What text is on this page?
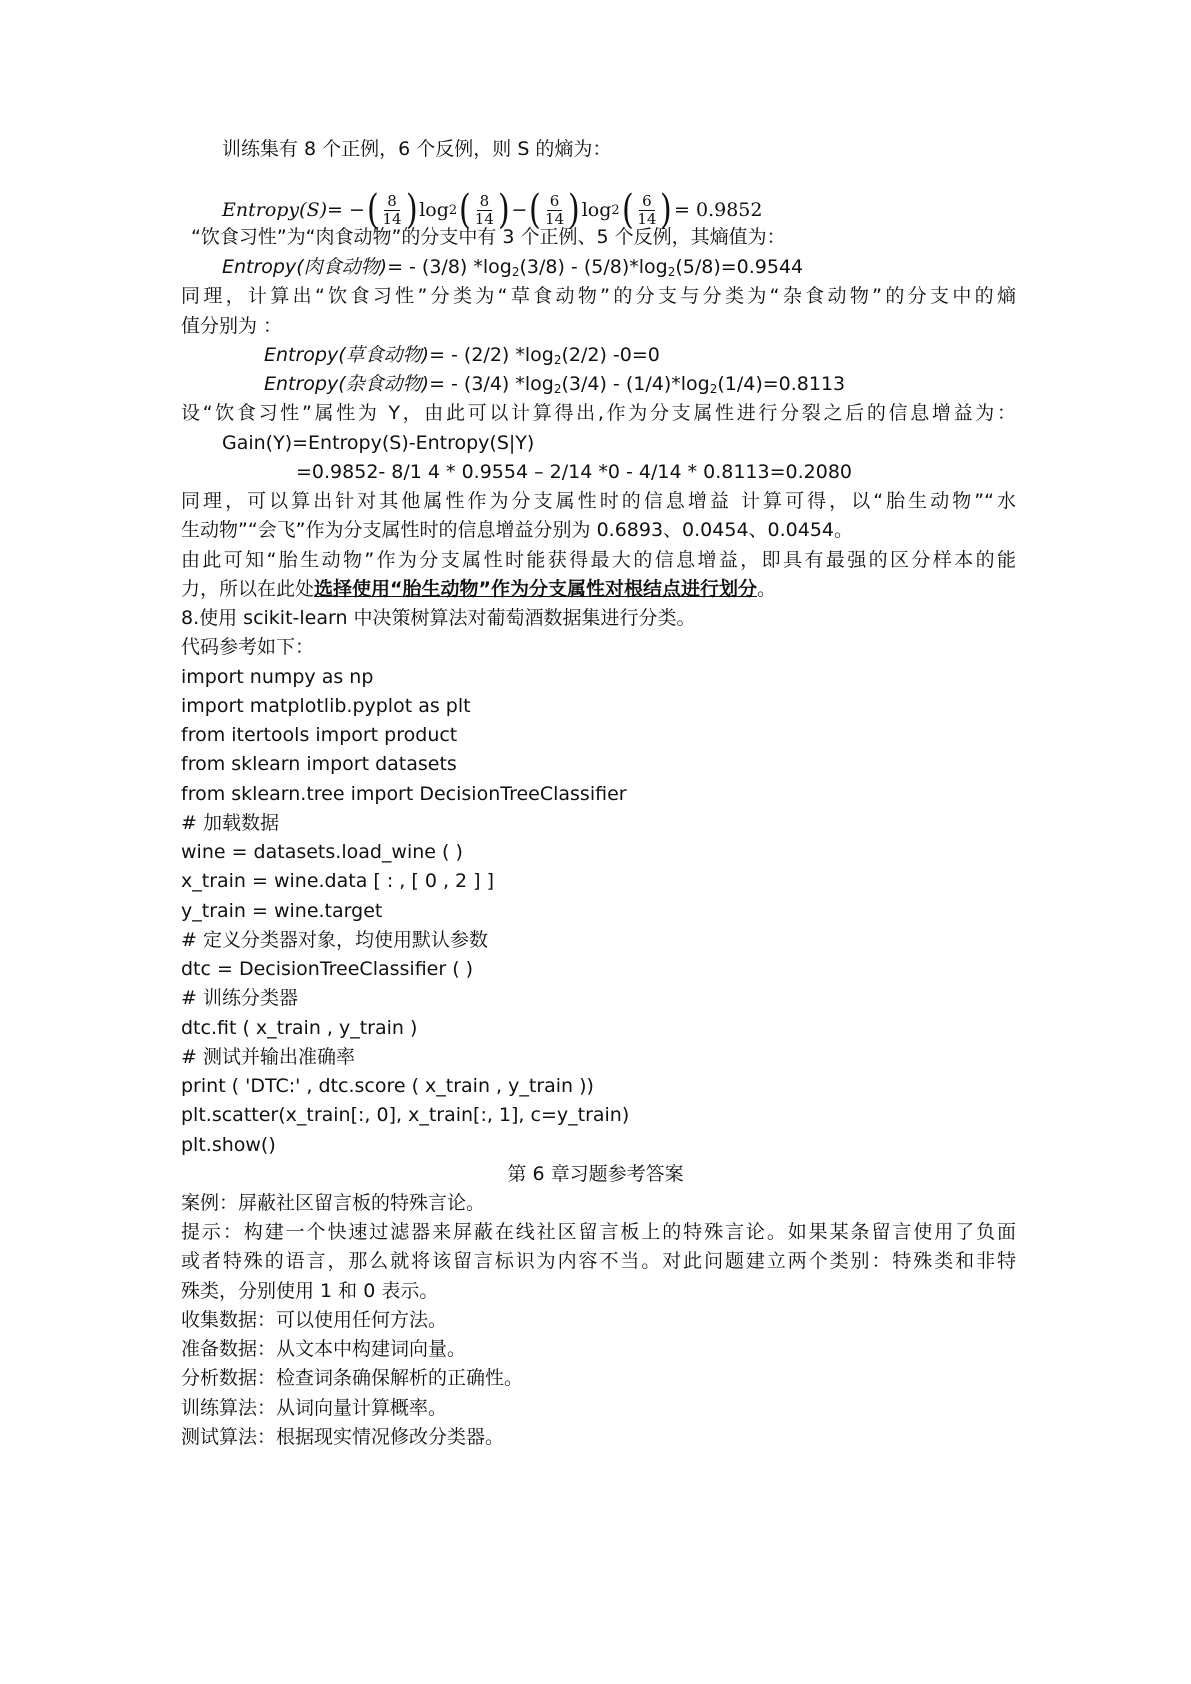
训练集有 8 个正例，6 个反例，则 S 的熵为：
Entropy(S) = − ( $\frac{8}{14}$ ) log 2 ( $\frac{8}{14}$ ) − ( $\frac{6}{14}$ ) log 2 ( $\frac{6}{14}$ ) = 0.9852
“饮食习性”为“肉食动物”的分支中有 3 个正例、5 个反例，其熵值为：
Entropy(肉食动物)= - (3/8) $*\log_2(3/8) - (5/8)*\log_2(5/8)=0.9544$
同理，计算出“饮食习性”分类为“草食动物”的分支与分类为“杂食动物”的分支中的熵
值分别为 ：
Entropy(草食动物)= - (2/2) $*\log_2(2/2)$ -0=0
Entropy(杂食动物)= - (3/4) $*\log_2(3/4) - (1/4)*\log_2(1/4)=0.8113$
设“饮食习性”属性为 Y，由此可以计算得出,作为分支属性进行分裂之后的信息增益为：
Gain(Y)=Entropy(S)-Entropy(S|Y)
=0.9852- 8/1 4 * 0.9554 – 2/14 *0 - 4/14 * 0.8113=0.2080
同理，可以算出针对其他属性作为分支属性时的信息增益 计算可得，以“胎生动物”“水
生动物”“会飞”作为分支属性时的信息增益分别为 0.6893、0.0454、0.0454。
由此可知“胎生动物”作为分支属性时能获得最大的信息增益，即具有最强的区分样本的能
力，所以在此处选择使用“胎生动物”作为分支属性对根结点进行划分。
8.使用 scikit-learn 中决策树算法对葡萄酒数据集进行分类。
代码参考如下：
import numpy as np
import matplotlib.pyplot as plt
from itertools import product
from sklearn import datasets
from sklearn.tree import DecisionTreeClassifier
# 加载数据
wine = datasets.load_wine ( )
x_train = wine.data [ : , [ 0 , 2 ] ]
y_train = wine.target
# 定义分类器对象，均使用默认参数
dtc = DecisionTreeClassifier ( )
# 训练分类器
dtc.fit ( x_train , y_train )
# 测试并输出准确率
print ( 'DTC:' , dtc.score ( x_train , y_train ))
plt.scatter(x_train[:, 0], x_train[:, 1], c=y_train)
plt.show()
第 6 章习题参考答案
案例：屏蔽社区留言板的特殊言论。
提示：构建一个快速过滤器来屏蔽在线社区留言板上的特殊言论。如果某条留言使用了负面
或者特殊的语言，那么就将该留言标识为内容不当。对此问题建立两个类别：特殊类和非特
殊类，分别使用 1 和 0 表示。
收集数据：可以使用任何方法。
准备数据：从文本中构建词向量。
分析数据：检查词条确保解析的正确性。
训练算法：从词向量计算概率。
测试算法：根据现实情况修改分类器。
